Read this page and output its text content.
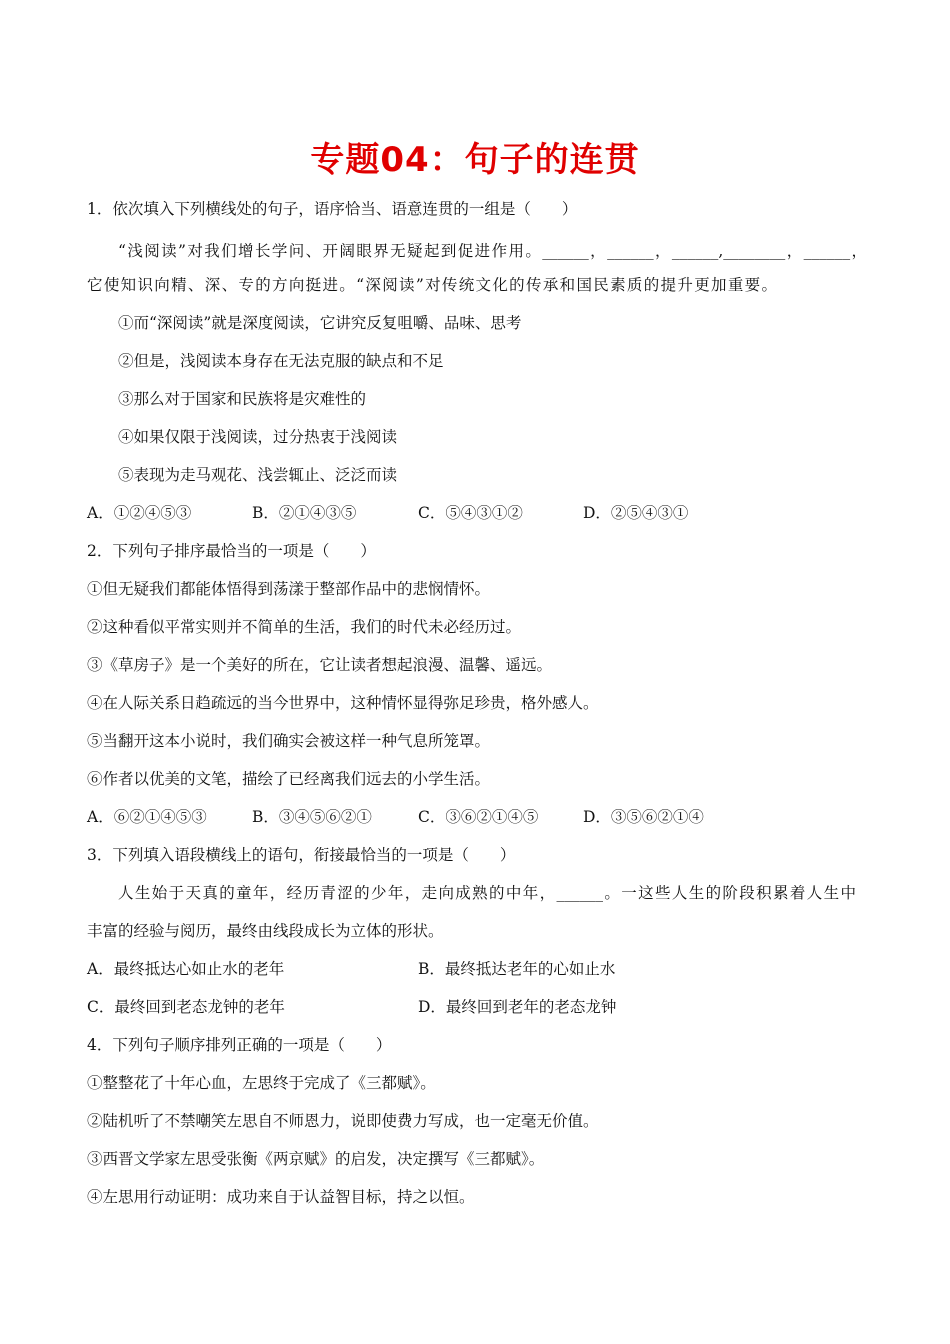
专题04：句子的连贯
1．依次填入下列横线处的句子，语序恰当、语意连贯的一组是（　　）
“浅阅读”对我们增长学问、开阔眼界无疑起到促进作用。______，______，______,________，______，
它使知识向精、深、专的方向挺进。“深阅读”对传统文化的传承和国民素质的提升更加重要。
①而“深阅读”就是深度阅读，它讲究反复咀嚼、品味、思考
②但是，浅阅读本身存在无法克服的缺点和不足
③那么对于国家和民族将是灾难性的
④如果仅限于浅阅读，过分热衷于浅阅读
⑤表现为走马观花、浅尝辄止、泛泛而读
A．①②④⑤③	B．②①④③⑤	C．⑤④③①②	D．②⑤④③①
2．下列句子排序最恰当的一项是（　　）
①但无疑我们都能体悟得到荡漾于整部作品中的悲悯情怀。
②这种看似平常实则并不简单的生活，我们的时代未必经历过。
③《草房子》是一个美好的所在，它让读者想起浪漫、温馨、遥远。
④在人际关系日趋疏远的当今世界中，这种情怀显得弥足珍贵，格外感人。
⑤当翻开这本小说时，我们确实会被这样一种气息所笼罩。
⑥作者以优美的文笔，描绘了已经离我们远去的小学生活。
A．⑥②①④⑤③	B．③④⑤⑥②①	C．③⑥②①④⑤	D．③⑤⑥②①④
3．下列填入语段横线上的语句，衔接最恰当的一项是（　　）
人生始于天真的童年，经历青涩的少年，走向成熟的中年，______。一这些人生的阶段积累着人生中
丰富的经验与阅历，最终由线段成长为立体的形状。
A．最终抵达心如止水的老年	B．最终抵达老年的心如止水
C．最终回到老态龙钟的老年	D．最终回到老年的老态龙钟
4．下列句子顺序排列正确的一项是（　　）
①整整花了十年心血，左思终于完成了《三都赋》。
②陆机听了不禁嘲笑左思自不师恩力，说即使费力写成，也一定毫无价值。
③西晋文学家左思受张衡《两京赋》的启发，决定撰写《三都赋》。
④左思用行动证明：成功来自于认益智目标，持之以恒。
